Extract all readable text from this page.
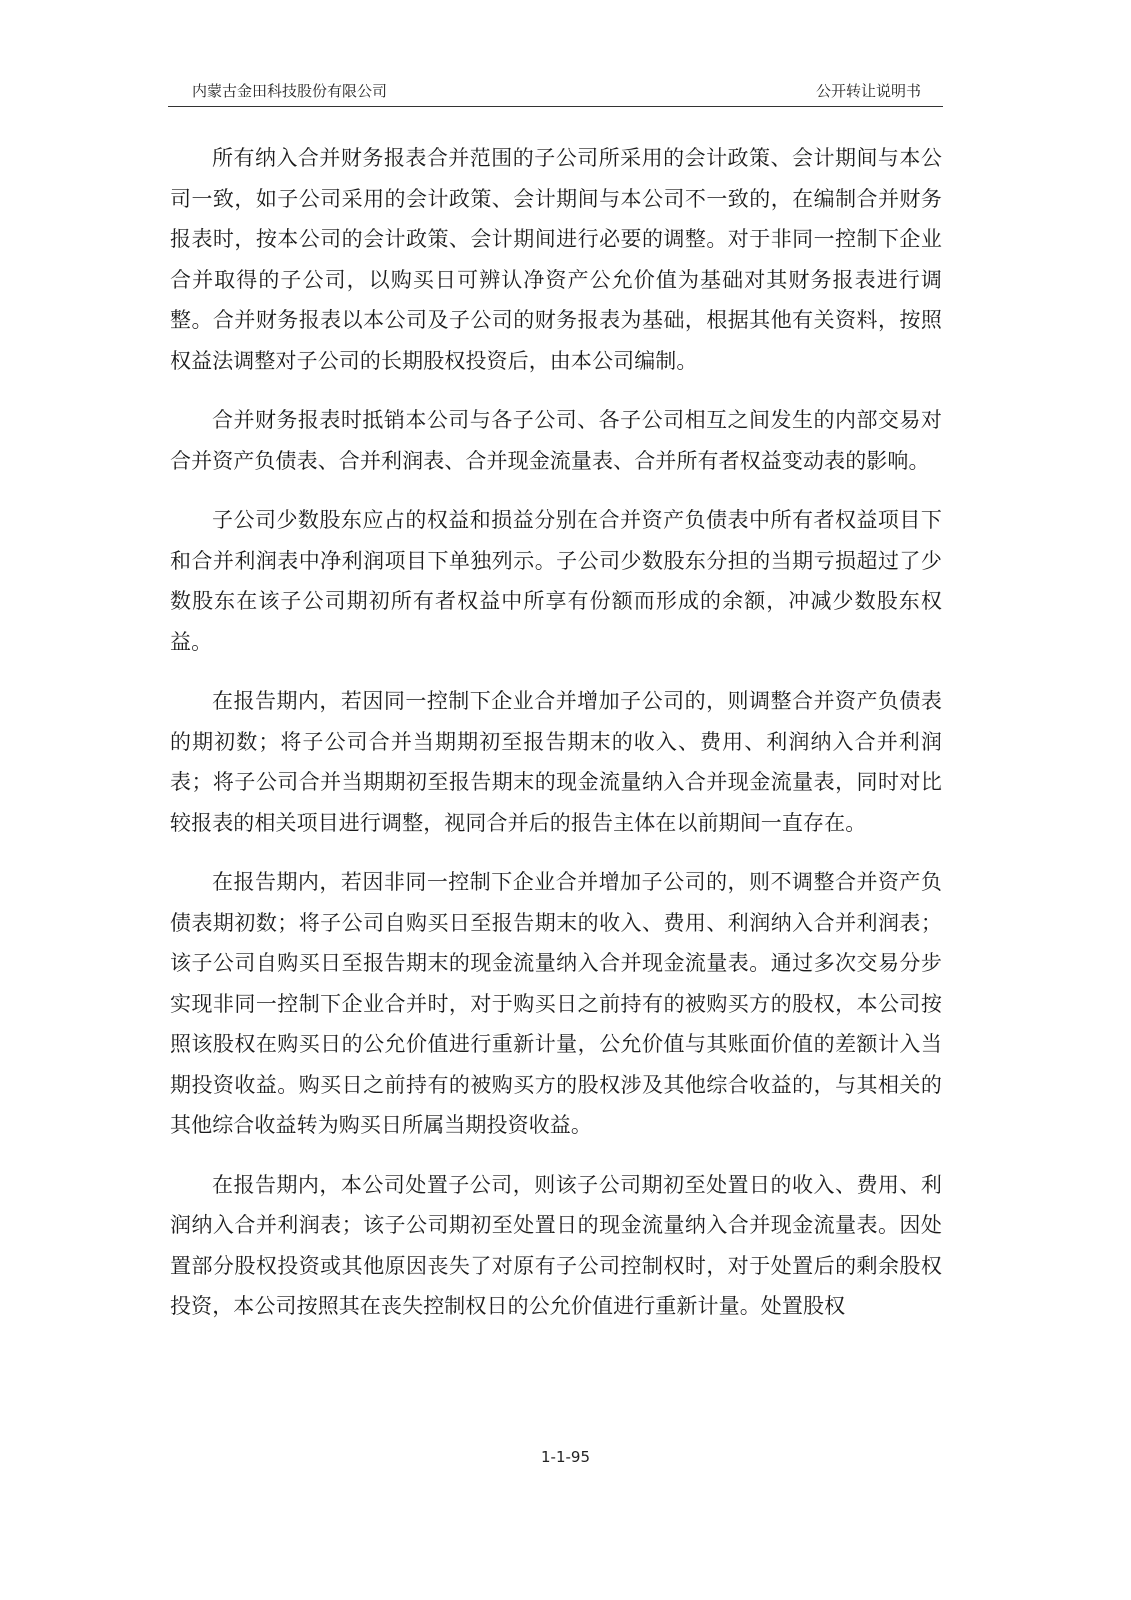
内蒙古金田科技股份有限公司	公开转让说明书

所有纳入合并财务报表合并范围的子公司所采用的会计政策、会计期间与本公司一致，如子公司采用的会计政策、会计期间与本公司不一致的，在编制合并财务报表时，按本公司的会计政策、会计期间进行必要的调整。对于非同一控制下企业合并取得的子公司，以购买日可辨认净资产公允价值为基础对其财务报表进行调整。合并财务报表以本公司及子公司的财务报表为基础，根据其他有关资料，按照权益法调整对子公司的长期股权投资后，由本公司编制。

合并财务报表时抵销本公司与各子公司、各子公司相互之间发生的内部交易对合并资产负债表、合并利润表、合并现金流量表、合并所有者权益变动表的影响。

子公司少数股东应占的权益和损益分别在合并资产负债表中所有者权益项目下和合并利润表中净利润项目下单独列示。子公司少数股东分担的当期亏损超过了少数股东在该子公司期初所有者权益中所享有份额而形成的余额，冲减少数股东权益。

在报告期内，若因同一控制下企业合并增加子公司的，则调整合并资产负债表的期初数；将子公司合并当期期初至报告期末的收入、费用、利润纳入合并利润表；将子公司合并当期期初至报告期末的现金流量纳入合并现金流量表，同时对比较报表的相关项目进行调整，视同合并后的报告主体在以前期间一直存在。

在报告期内，若因非同一控制下企业合并增加子公司的，则不调整合并资产负债表期初数；将子公司自购买日至报告期末的收入、费用、利润纳入合并利润表；该子公司自购买日至报告期末的现金流量纳入合并现金流量表。通过多次交易分步实现非同一控制下企业合并时，对于购买日之前持有的被购买方的股权，本公司按照该股权在购买日的公允价值进行重新计量，公允价值与其账面价值的差额计入当期投资收益。购买日之前持有的被购买方的股权涉及其他综合收益的，与其相关的其他综合收益转为购买日所属当期投资收益。

在报告期内，本公司处置子公司，则该子公司期初至处置日的收入、费用、利润纳入合并利润表；该子公司期初至处置日的现金流量纳入合并现金流量表。因处置部分股权投资或其他原因丧失了对原有子公司控制权时，对于处置后的剩余股权投资，本公司按照其在丧失控制权日的公允价值进行重新计量。处置股权

1-1-95
